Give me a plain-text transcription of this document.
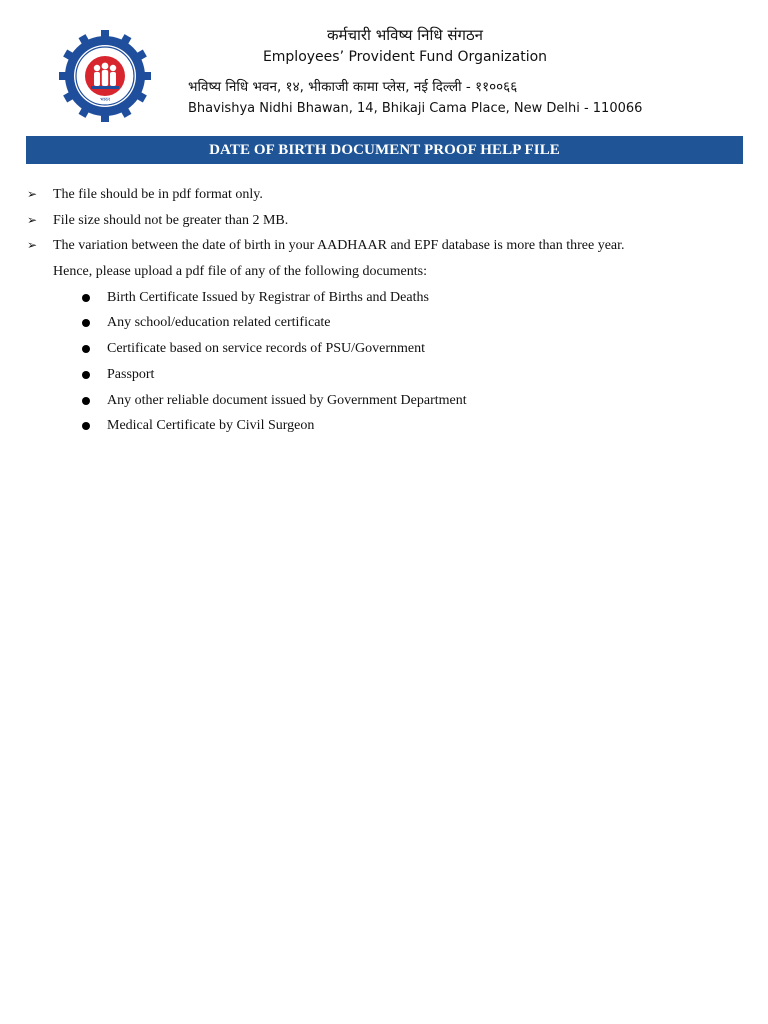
भारत
कर्मचारी भविष्य निधि संगठन
Employees’ Provident Fund Organization
भविष्य निधि भवन, १४, भीकाजी कामा प्लेस, नई दिल्ली - ११००६६
Bhavishya Nidhi Bhawan, 14, Bhikaji Cama Place, New Delhi - 110066
DATE OF BIRTH DOCUMENT PROOF HELP FILE
➢ The file should be in pdf format only.
➢ File size should not be greater than 2 MB.
➢ The variation between the date of birth in your AADHAAR and EPF database is more than three year.
Hence, please upload a pdf file of any of the following documents:
Birth Certificate Issued by Registrar of Births and Deaths
Any school/education related certificate
Certificate based on service records of PSU/Government
Passport
Any other reliable document issued by Government Department
Medical Certificate by Civil Surgeon
